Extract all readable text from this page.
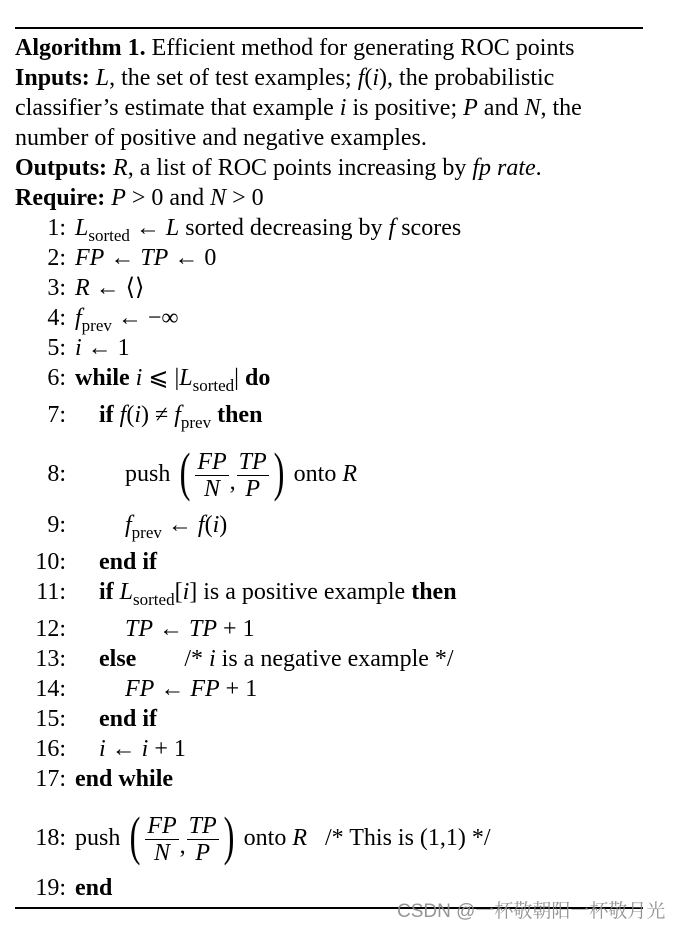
Algorithm 1. Efficient method for generating ROC points
Inputs: L, the set of test examples; f(i), the probabilistic
classifier’s estimate that example i is positive; P and N, the
number of positive and negative examples.
Outputs: R, a list of ROC points increasing by fp rate.
Require: P > 0 and N > 0
1: $L_{sorted}$ ← L sorted decreasing by f scores
2: FP ← TP ← 0
3: R ← ⟨⟩
4: $f_{prev}$ ← −∞
5: i ← 1
6: while i ⩽ $|L_{sorted}|$ do
7: if $f(i) \ne f_{prev}$ then
8: push ( $\frac{FP}{N}$ , $\frac{TP}{P}$ ) onto R
9: $f_{prev}$ ← f(i)
10: end if
11: if $L_{sorted}[i]$ is a positive example then
12: TP ← TP + 1
13: else        /* i is a negative example */
14: FP ← FP + 1
15: end if
16: i ← i + 1
17: end while
18: push ( $\frac{FP}{N}$ , $\frac{TP}{P}$ ) onto R   /* This is (1,1) */
19: end
CSDN @一杯敬朝阳一杯敬月光
